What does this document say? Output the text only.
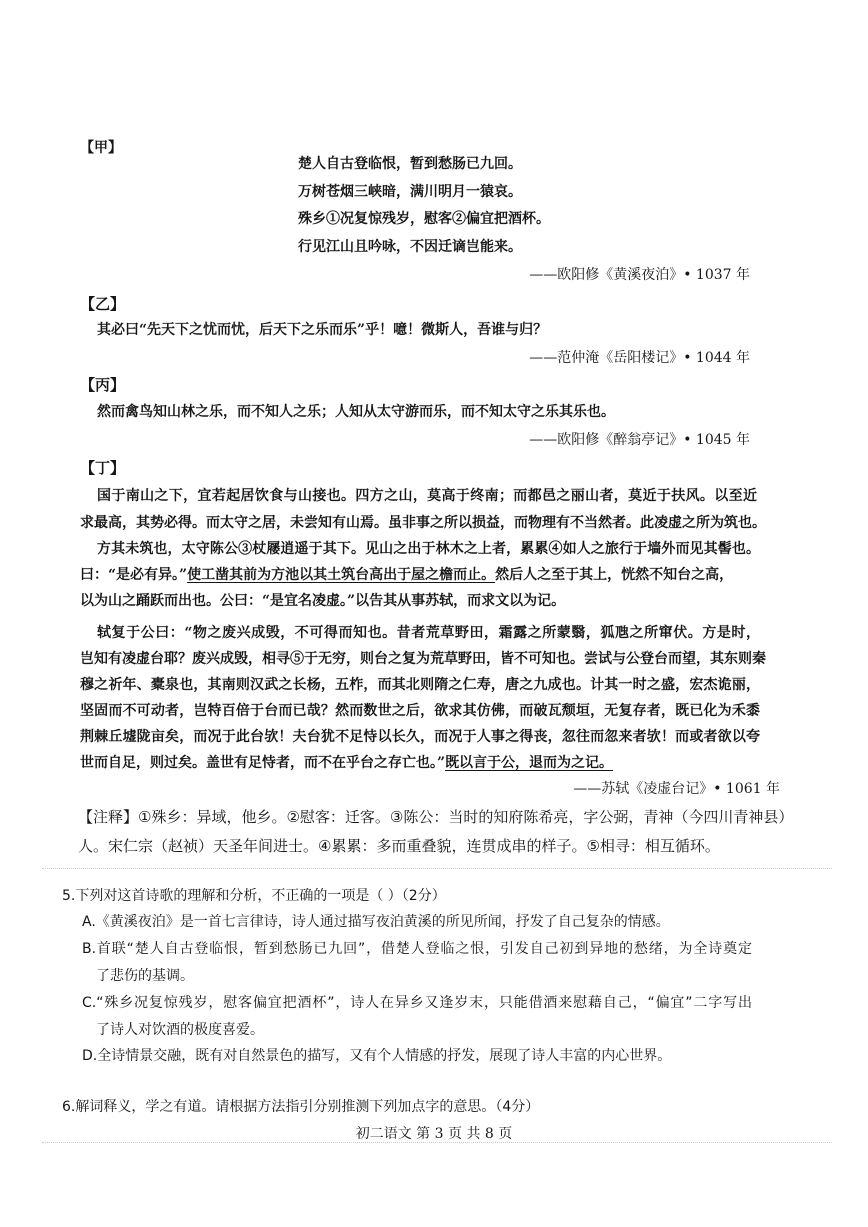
【甲】
楚人自古登临恨，暂到愁肠已九回。
万树苍烟三峡暗，满川明月一猿哀。
殊乡①况复惊残岁，慰客②偏宜把酒杯。
行见江山且吟咏，不因迁谪岂能来。
——欧阳修《黄溪夜泊》• 1037 年
【乙】
其必曰“先天下之忧而忧，后天下之乐而乐”乎！噫！微斯人，吾谁与归？
——范仲淹《岳阳楼记》• 1044 年
【丙】
然而禽鸟知山林之乐，而不知人之乐；人知从太守游而乐，而不知太守之乐其乐也。
——欧阳修《醉翁亭记》• 1045 年
【丁】
国于南山之下，宜若起居饮食与山接也。四方之山，莫高于终南；而都邑之丽山者，莫近于扶风。以至近
求最高，其势必得。而太守之居，未尝知有山焉。虽非事之所以损益，而物理有不当然者。此凌虚之所为筑也。
方其未筑也，太守陈公③杖屦逍遥于其下。见山之出于林木之上者，累累④如人之旅行于墙外而见其髻也。
曰：“是必有异。”使工凿其前为方池以其土筑台高出于屋之檐而止。然后人之至于其上，恍然不知台之高，
以为山之踊跃而出也。公曰：“是宜名凌虚。”以告其从事苏轼，而求文以为记。
轼复于公曰：“物之废兴成毁，不可得而知也。昔者荒草野田，霜露之所蒙翳，狐虺之所窜伏。方是时，
岂知有凌虚台耶？废兴成毁，相寻⑤于无穷，则台之复为荒草野田，皆不可知也。尝试与公登台而望，其东则秦
穆之祈年、橐泉也，其南则汉武之长杨，五柞，而其北则隋之仁寿，唐之九成也。计其一时之盛，宏杰诡丽，
坚固而不可动者，岂特百倍于台而已哉？然而数世之后，欲求其仿佛，而破瓦颓垣，无复存者，既已化为禾黍
荆棘丘墟陇亩矣，而况于此台欤！夫台犹不足恃以长久，而况于人事之得丧，忽往而忽来者欤！而或者欲以夸
世而自足，则过矣。盖世有足恃者，而不在乎台之存亡也。”既以言于公，退而为之记。
——苏轼《凌虚台记》• 1061 年
【注释】①殊乡：异域，他乡。②慰客：迁客。③陈公：当时的知府陈希亮，字公弼，青神（今四川青神县）
人。宋仁宗（赵祯）天圣年间进士。④累累：多而重叠貌，连贯成串的样子。⑤相寻：相互循环。
5.下列对这首诗歌的理解和分析，不正确的一项是（ ）（2分）
A.《黄溪夜泊》是一首七言律诗，诗人通过描写夜泊黄溪的所见所闻，抒发了自己复杂的情感。
B.首联“楚人自古登临恨，暂到愁肠已九回”，借楚人登临之恨，引发自己初到异地的愁绪，为全诗奠定
了悲伤的基调。
C.“殊乡况复惊残岁，慰客偏宜把酒杯”，诗人在异乡又逢岁末，只能借酒来慰藉自己，“偏宜”二字写出
了诗人对饮酒的极度喜爱。
D.全诗情景交融，既有对自然景色的描写，又有个人情感的抒发，展现了诗人丰富的内心世界。
6.解词释义，学之有道。请根据方法指引分别推测下列加点字的意思。（4分）
初二语文 第 3 页 共 8 页
